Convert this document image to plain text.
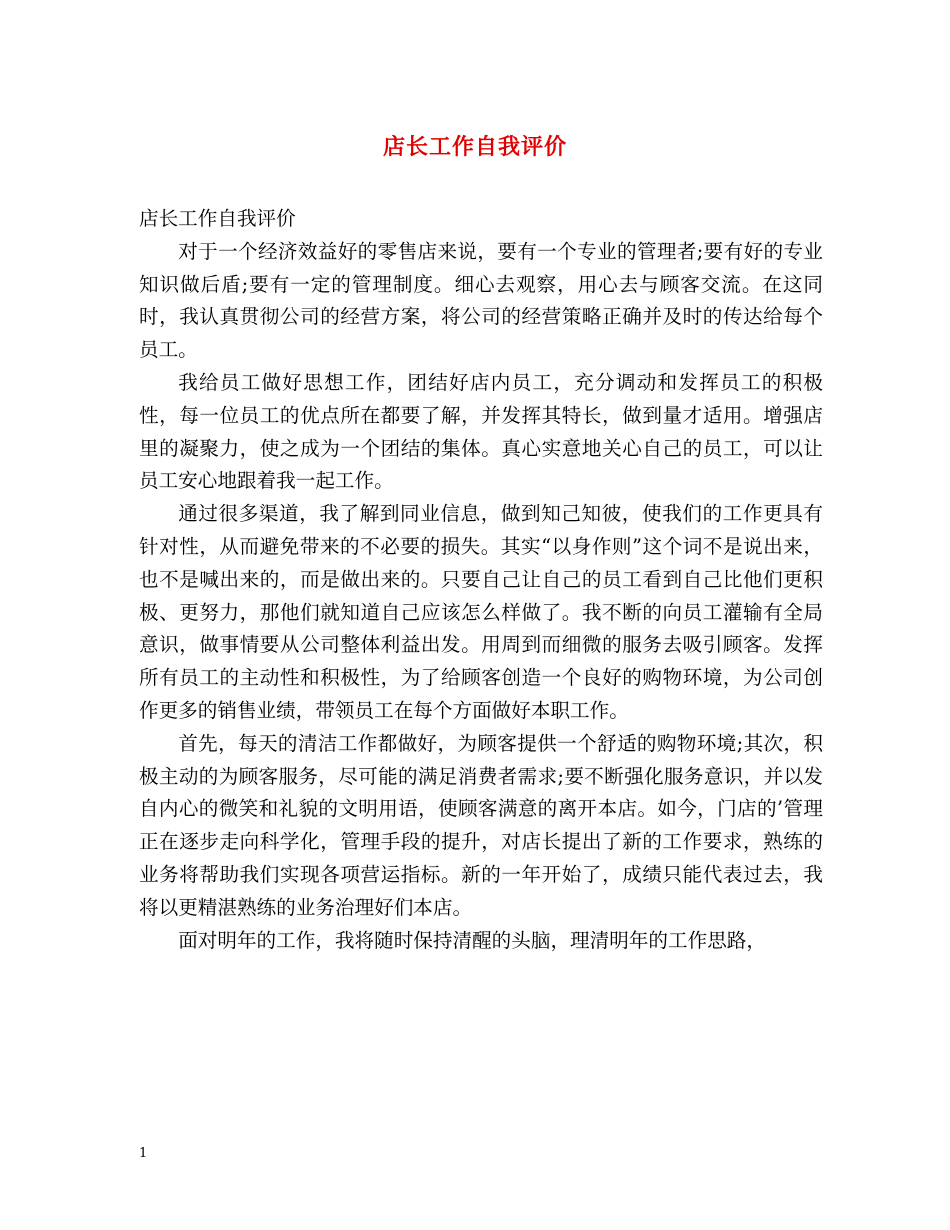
店长工作自我评价

店长工作自我评价

对于一个经济效益好的零售店来说，要有一个专业的管理者;要有好的专业知识做后盾;要有一定的管理制度。细心去观察，用心去与顾客交流。在这同时，我认真贯彻公司的经营方案，将公司的经营策略正确并及时的传达给每个员工。

我给员工做好思想工作，团结好店内员工，充分调动和发挥员工的积极性，每一位员工的优点所在都要了解，并发挥其特长，做到量才适用。增强店里的凝聚力，使之成为一个团结的集体。真心实意地关心自己的员工，可以让员工安心地跟着我一起工作。

通过很多渠道，我了解到同业信息，做到知己知彼，使我们的工作更具有针对性，从而避免带来的不必要的损失。其实“以身作则”这个词不是说出来，也不是喊出来的，而是做出来的。只要自己让自己的员工看到自己比他们更积极、更努力，那他们就知道自己应该怎么样做了。我不断的向员工灌输有全局意识，做事情要从公司整体利益出发。用周到而细微的服务去吸引顾客。发挥所有员工的主动性和积极性，为了给顾客创造一个良好的购物环境，为公司创作更多的销售业绩，带领员工在每个方面做好本职工作。

首先，每天的清洁工作都做好，为顾客提供一个舒适的购物环境;其次，积极主动的为顾客服务，尽可能的满足消费者需求;要不断强化服务意识，并以发自内心的微笑和礼貌的文明用语，使顾客满意的离开本店。如今，门店的’管理正在逐步走向科学化，管理手段的提升，对店长提出了新的工作要求，熟练的业务将帮助我们实现各项营运指标。新的一年开始了，成绩只能代表过去，我将以更精湛熟练的业务治理好们本店。

面对明年的工作，我将随时保持清醒的头脑，理清明年的工作思路，

1
